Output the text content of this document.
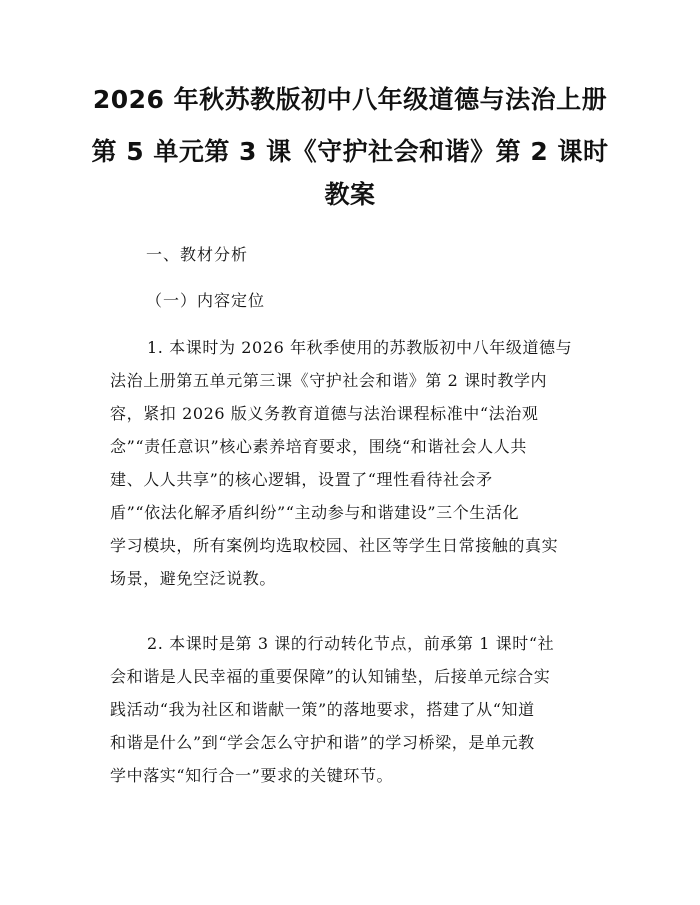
2026 年秋苏教版初中八年级道德与法治上册
第 5 单元第 3 课《守护社会和谐》第 2 课时
教案
一、教材分析
（一）内容定位
1. 本课时为 2026 年秋季使用的苏教版初中八年级道德与
法治上册第五单元第三课《守护社会和谐》第 2 课时教学内
容，紧扣 2026 版义务教育道德与法治课程标准中“法治观
念”“责任意识”核心素养培育要求，围绕“和谐社会人人共
建、人人共享”的核心逻辑，设置了“理性看待社会矛
盾”“依法化解矛盾纠纷”“主动参与和谐建设”三个生活化
学习模块，所有案例均选取校园、社区等学生日常接触的真实
场景，避免空泛说教。
2. 本课时是第 3 课的行动转化节点，前承第 1 课时“社
会和谐是人民幸福的重要保障”的认知铺垫，后接单元综合实
践活动“我为社区和谐献一策”的落地要求，搭建了从“知道
和谐是什么”到“学会怎么守护和谐”的学习桥梁，是单元教
学中落实“知行合一”要求的关键环节。
